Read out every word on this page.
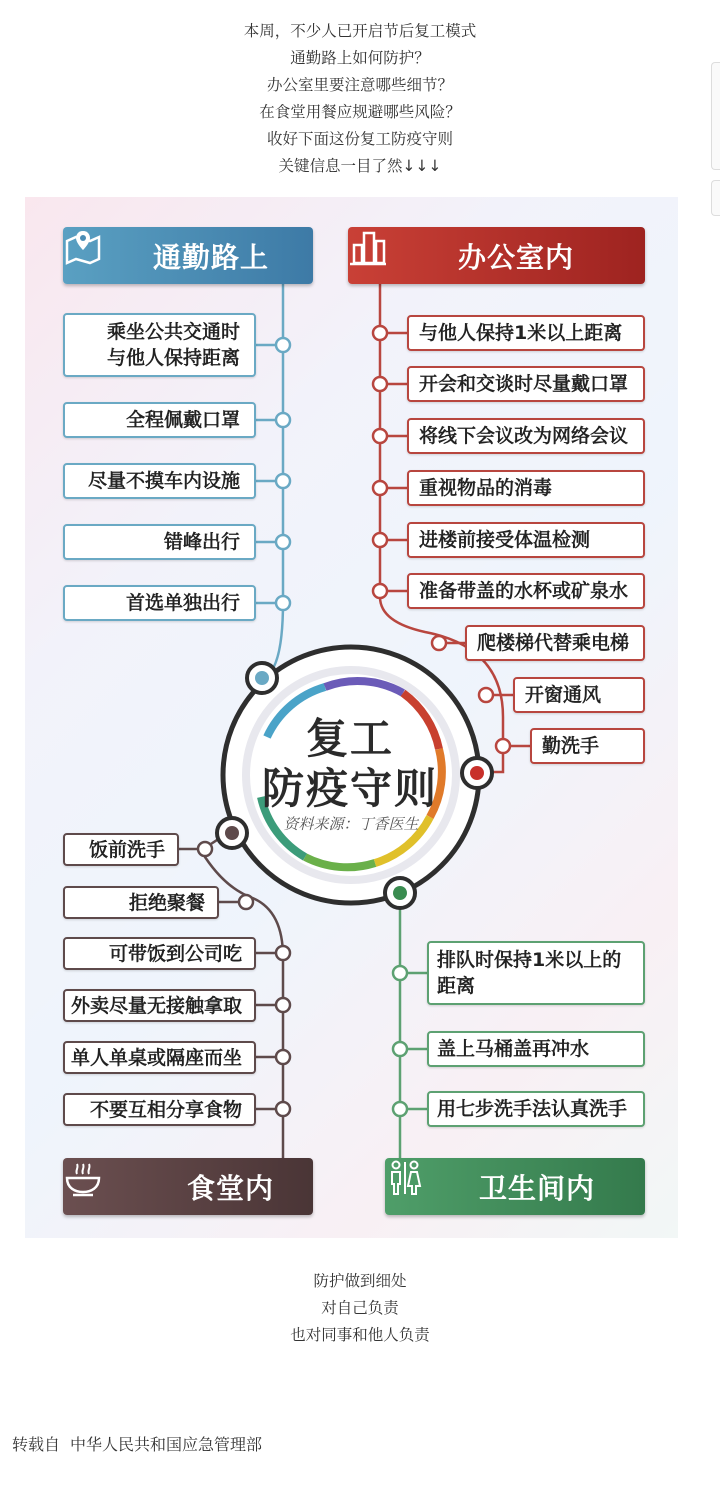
本周，不少人已开启节后复工模式
通勤路上如何防护？
办公室里要注意哪些细节？
在食堂用餐应规避哪些风险？
收好下面这份复工防疫守则
关键信息一目了然↓↓↓
通勤路上	办公室内
食堂内	卫生间内
乘坐公共交通时
与他人保持距离
全程佩戴口罩
尽量不摸车内设施
错峰出行
首选单独出行
与他人保持1米以上距离
开会和交谈时尽量戴口罩
将线下会议改为网络会议
重视物品的消毒
进楼前接受体温检测
准备带盖的水杯或矿泉水
爬楼梯代替乘电梯
开窗通风
勤洗手
饭前洗手
拒绝聚餐
可带饭到公司吃
外卖尽量无接触拿取
单人单桌或隔座而坐
不要互相分享食物
排队时保持1米以上的
距离
盖上马桶盖再冲水
用七步洗手法认真洗手
复工
防疫守则
资料来源：丁香医生
防护做到细处
对自己负责
也对同事和他人负责
转载自 中华人民共和国应急管理部
